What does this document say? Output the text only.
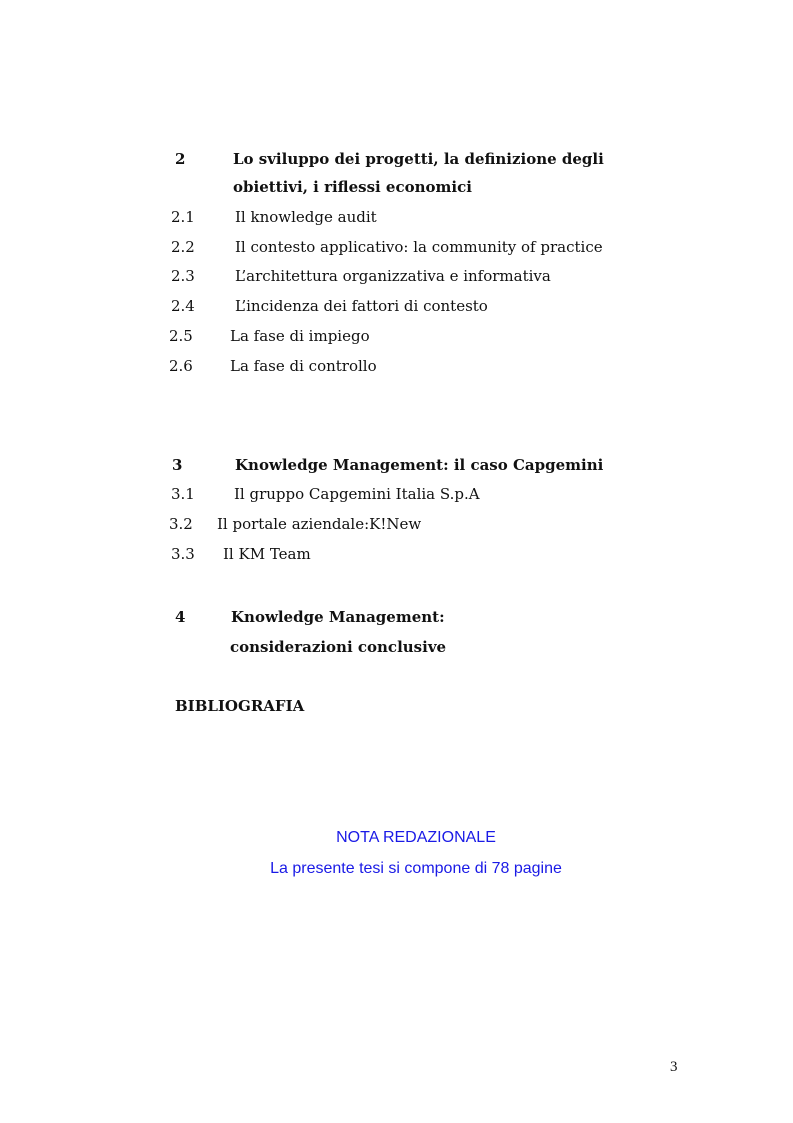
2	Lo sviluppo dei progetti, la definizione degli
obiettivi, i riflessi economici
2.1	Il knowledge audit
2.2	Il contesto applicativo: la community of practice
2.3	L’architettura organizzativa e informativa
2.4	L’incidenza dei fattori di contesto
2.5 La fase di impiego
2.6 La fase di controllo
3	Knowledge Management: il caso Capgemini
3.1	Il gruppo Capgemini Italia S.p.A
3.2 Il portale aziendale:K!New
3.3 Il KM Team
4	Knowledge Management:
considerazioni conclusive
BIBLIOGRAFIA
NOTA REDAZIONALE
La presente tesi si compone di 78 pagine
3
